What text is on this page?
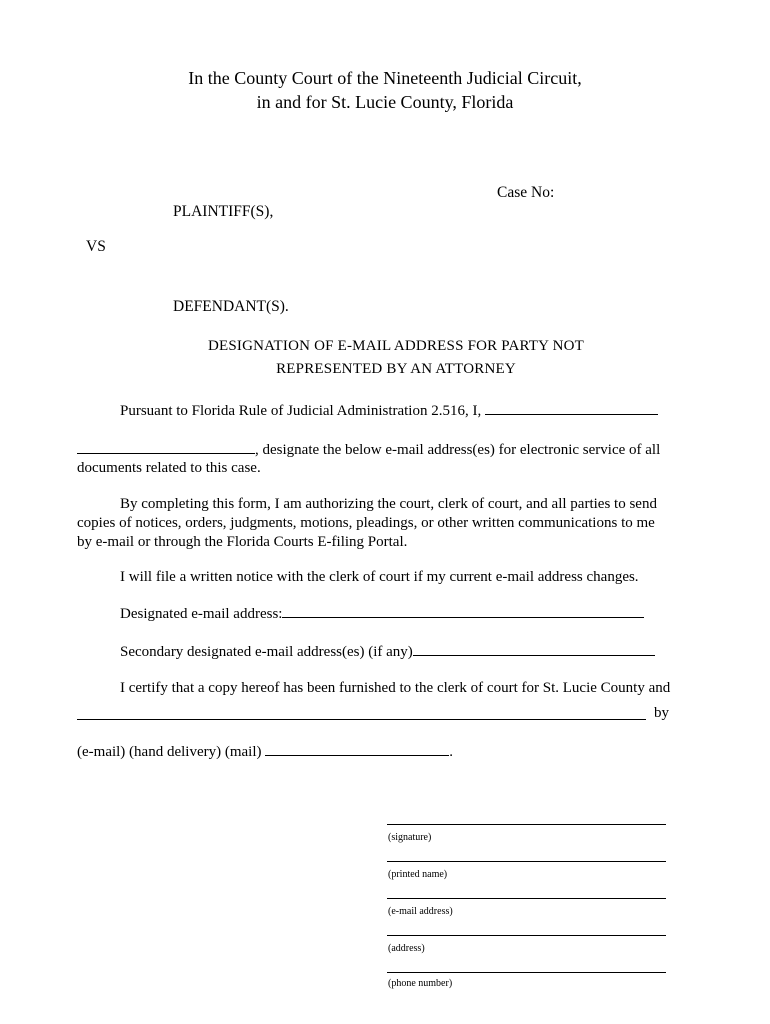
In the County Court of the Nineteenth Judicial Circuit,
in and for St. Lucie County, Florida
Case No:
PLAINTIFF(S),
VS
DEFENDANT(S).
DESIGNATION OF E-MAIL ADDRESS FOR PARTY NOT
REPRESENTED BY AN ATTORNEY
Pursuant to Florida Rule of Judicial Administration 2.516, I,
, designate the below e-mail address(es) for electronic service of all
documents related to this case.
By completing this form, I am authorizing the court, clerk of court, and all parties to send
copies of notices, orders, judgments, motions, pleadings, or other written communications to me
by e-mail or through the Florida Courts E-filing Portal.
I will file a written notice with the clerk of court if my current e-mail address changes.
Designated e-mail address:
Secondary designated e-mail address(es) (if any)
I certify that a copy hereof has been furnished to the clerk of court for St. Lucie County and
by
(e-mail) (hand delivery) (mail)	.
(signature)
(printed name)
(e-mail address)
(address)
(phone number)
